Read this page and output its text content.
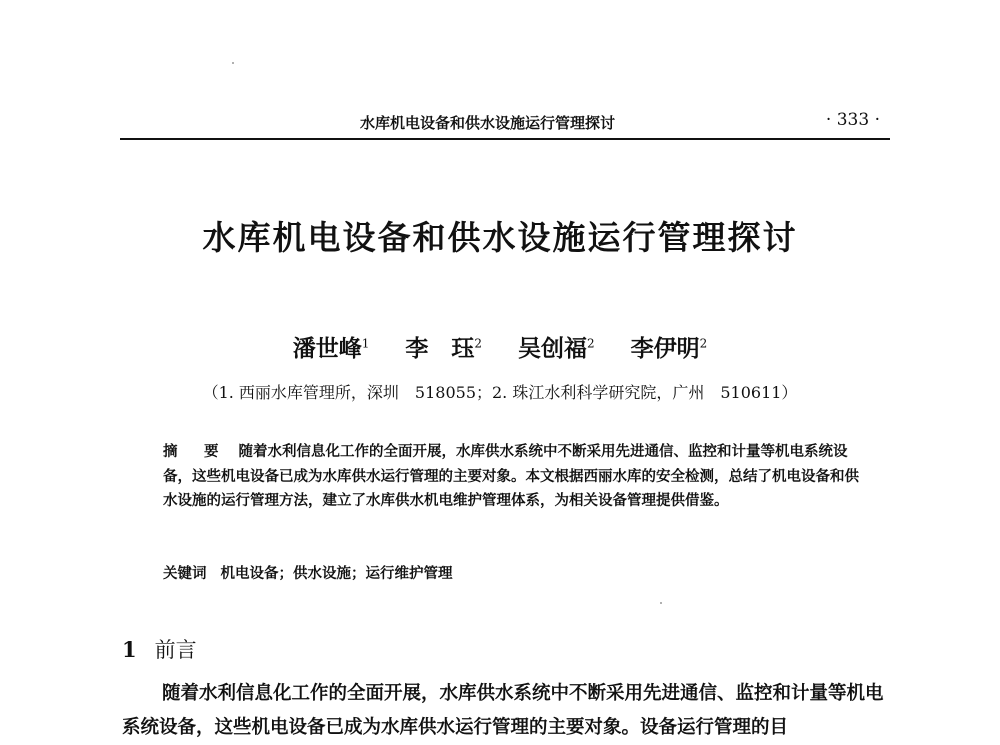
水库机电设备和供水设施运行管理探讨	· 333 ·
水库机电设备和供水设施运行管理探讨
潘世峰$^1$ 李　珏$^2$ 吴创福$^2$ 李伊明$^2$
（1. 西丽水库管理所，深圳　518055；2. 珠江水利科学研究院，广州　510611）
摘　要 随着水利信息化工作的全面开展，水库供水系统中不断采用先进通信、监控和计量等机电系统设备，这些机电设备已成为水库供水运行管理的主要对象。本文根据西丽水库的安全检测，总结了机电设备和供水设施的运行管理方法，建立了水库供水机电维护管理体系，为相关设备管理提供借鉴。
关键词 机电设备；供水设施；运行维护管理
1 前言
随着水利信息化工作的全面开展，水库供水系统中不断采用先进通信、监控和计量等机电系统设备，这些机电设备已成为水库供水运行管理的主要对象。设备运行管理的目
